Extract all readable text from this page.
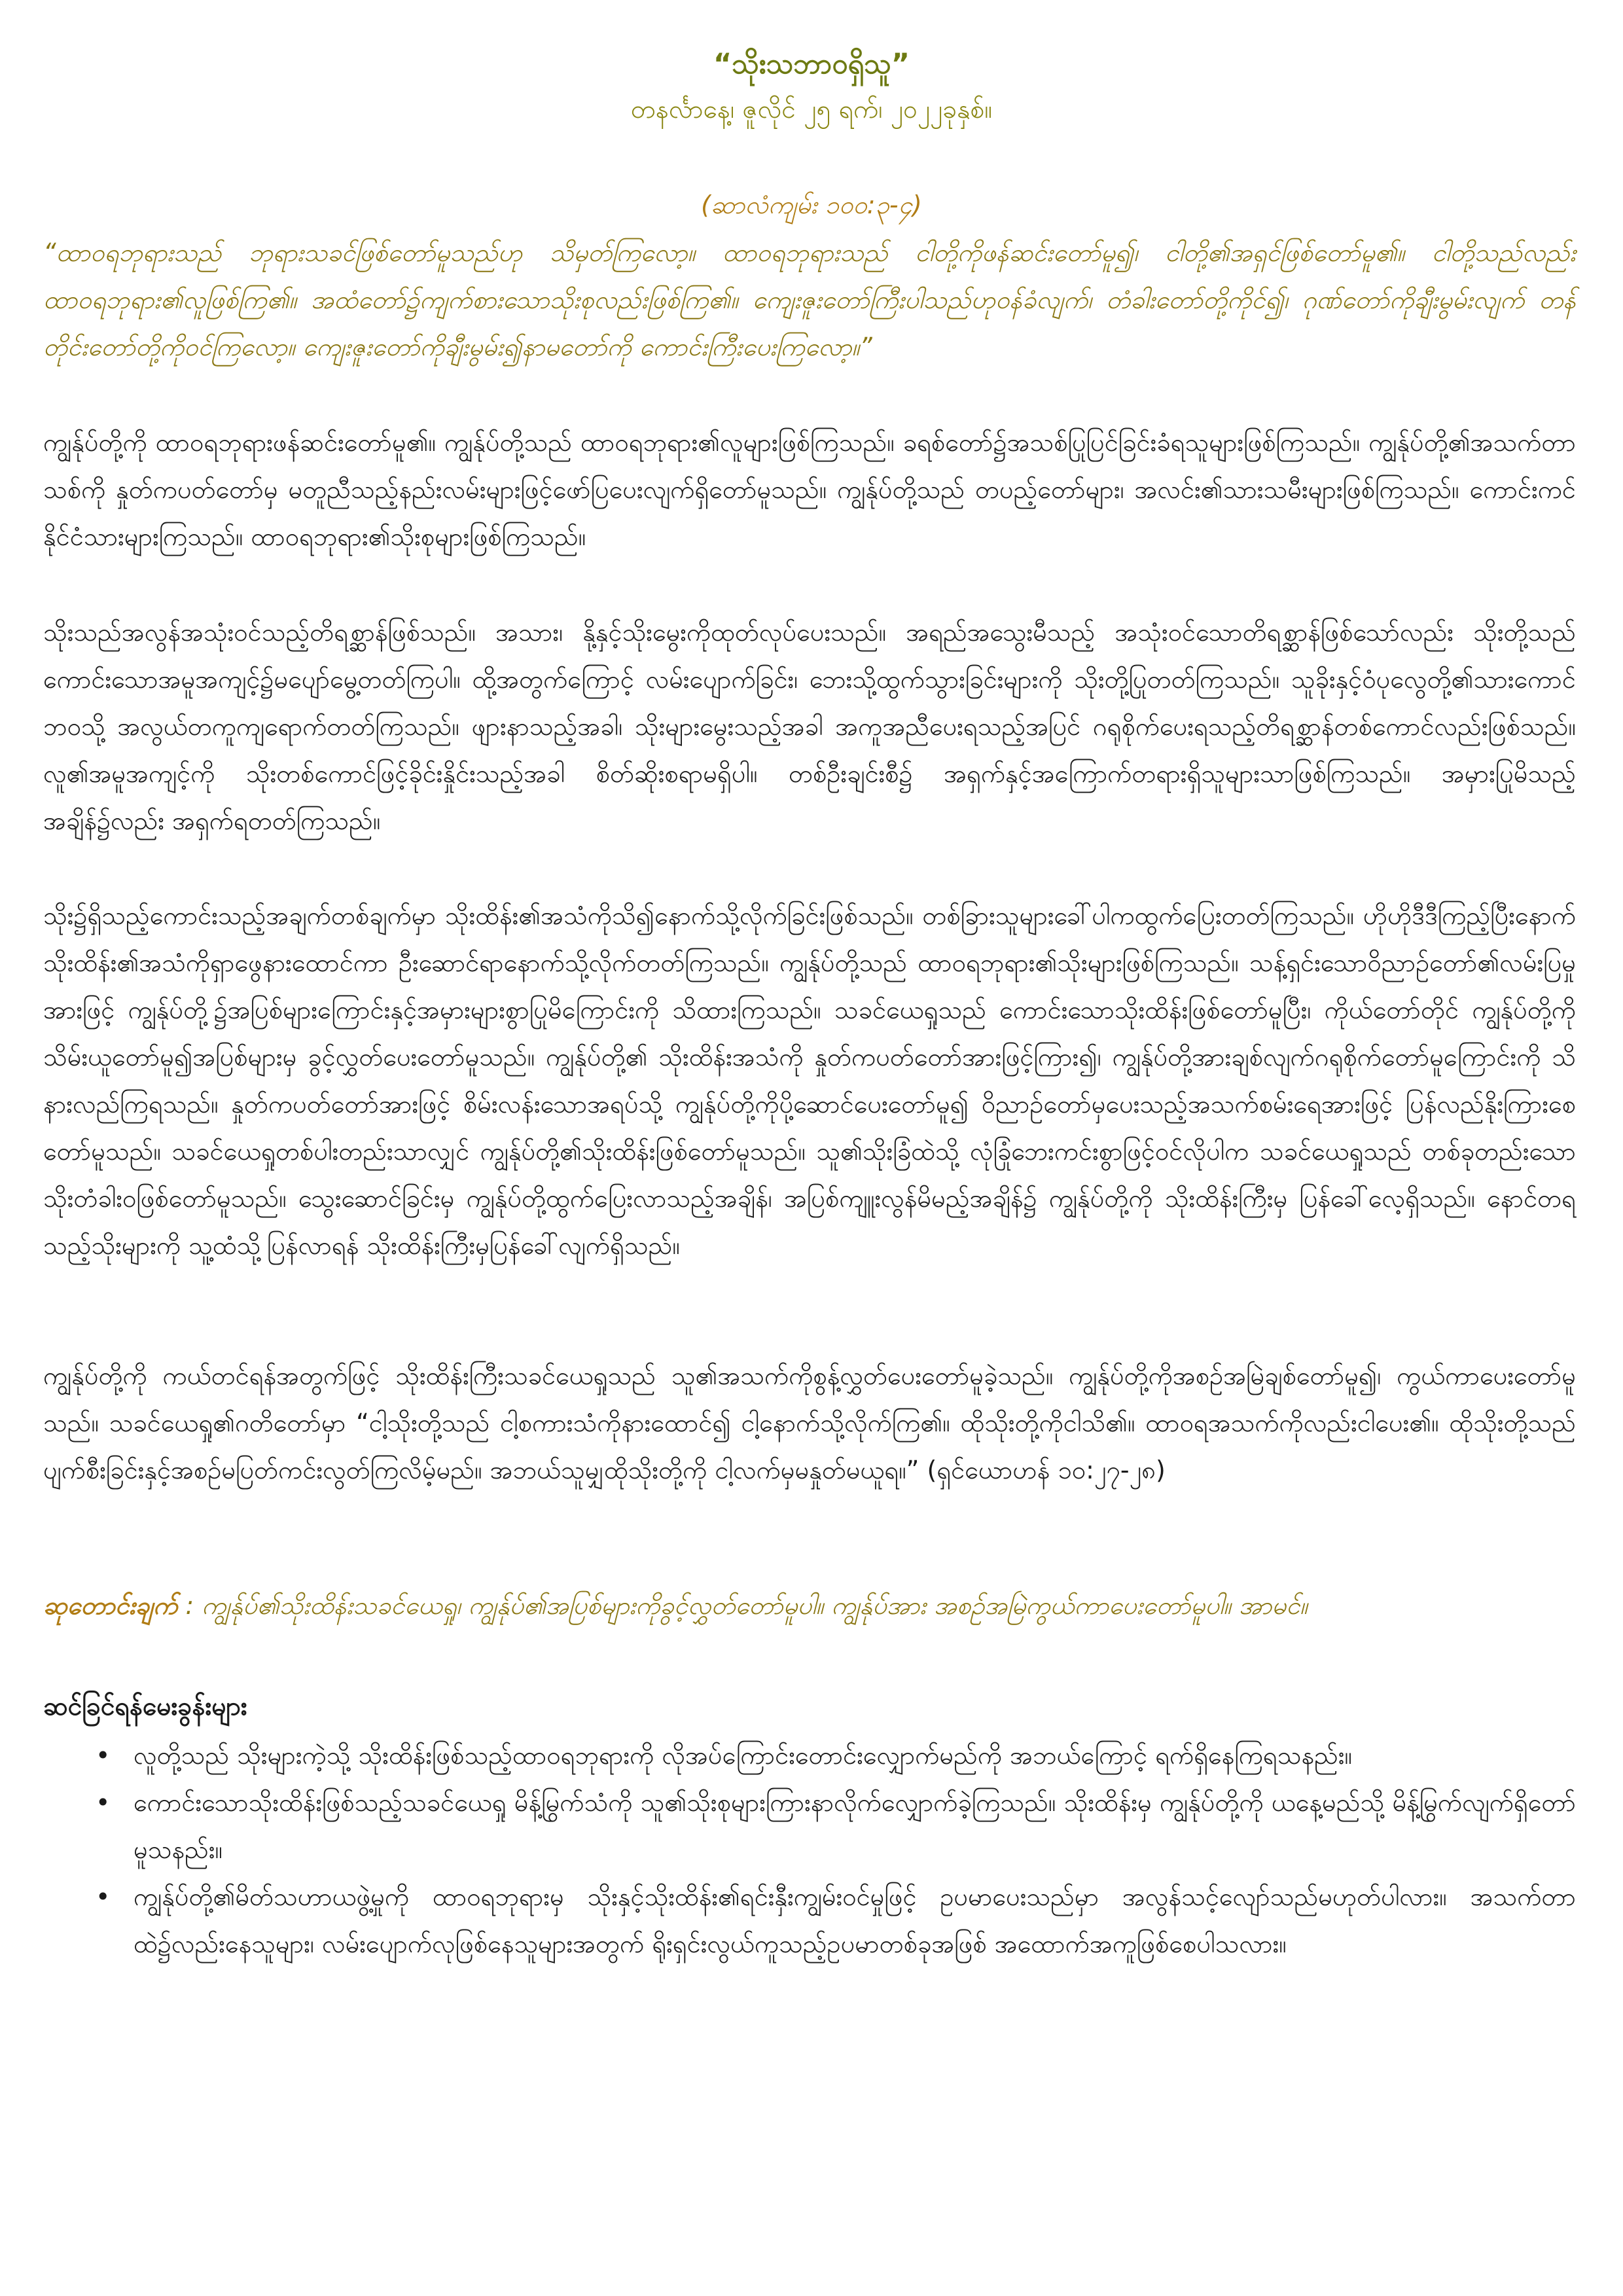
“သိုးသဘာဝရှိသူ”
တနင်္လာနေ့၊ ဇူလိုင် ၂၅ ရက်၊ ၂၀၂၂ခုနှစ်။
(ဆာလံကျမ်း ၁၀၀:၃-၄)

“ထာဝရဘုရားသည် ဘုရားသခင်ဖြစ်တော်မူသည်ဟု သိမှတ်ကြလော့။ ထာဝရဘုရားသည် ငါတို့ကိုဖန်ဆင်းတော်မူ၍၊ ငါတို့၏အရှင်ဖြစ်တော်မူ၏။ ငါတို့သည်လည်း ထာဝရဘုရား၏လူဖြစ်ကြ၏။ အထံတော်၌ကျက်စားသောသိုးစုလည်းဖြစ်ကြ၏။ ကျေးဇူးတော်ကြီးပါသည်ဟုဝန်ခံလျက်၊ တံခါးတော်တို့ကိုင်၍၊ ဂုဏ်တော်ကိုချီးမွမ်းလျက် တန်တိုင်းတော်တို့ကိုဝင်ကြလော့။ ကျေးဇူးတော်ကိုချီးမွမ်း၍နာမတော်ကို ကောင်းကြီးပေးကြလော့။”

ကျွန်ုပ်တို့ကို ထာဝရဘုရားဖန်ဆင်းတော်မူ၏။ ကျွန်ုပ်တို့သည် ထာဝရဘုရား၏လူများဖြစ်ကြသည်။ ခရစ်တော်၌အသစ်ပြုပြင်ခြင်းခံရသူများဖြစ်ကြသည်။ ကျွန်ုပ်တို့၏အသက်တာသစ်ကို နှုတ်ကပတ်တော်မှ မတူညီသည့်နည်းလမ်းများဖြင့်ဖော်ပြပေးလျက်ရှိတော်မူသည်။ ကျွန်ုပ်တို့သည် တပည့်တော်များ၊ အလင်း၏သားသမီးများဖြစ်ကြသည်။ ကောင်းကင်နိုင်ငံသားများကြသည်။ ထာဝရဘုရား၏သိုးစုများဖြစ်ကြသည်။

သိုးသည်အလွန်အသုံးဝင်သည့်တိရစ္ဆာန်ဖြစ်သည်။ အသား၊ နို့နှင့်သိုးမွေးကိုထုတ်လုပ်ပေးသည်။ အရည်အသွေးမီသည့် အသုံးဝင်သောတိရစ္ဆာန်ဖြစ်သော်လည်း သိုးတို့သည် ကောင်းသောအမူအကျင့်၌မပျော်မွေ့တတ်ကြပါ။ ထို့အတွက်ကြောင့် လမ်းပျောက်ခြင်း၊ ဘေးသို့ထွက်သွားခြင်းများကို သိုးတို့ပြုတတ်ကြသည်။ သူခိုးနှင့်ဝံပုလွေတို့၏သားကောင်ဘဝသို့ အလွယ်တကူကျရောက်တတ်ကြသည်။ ဖျားနာသည့်အခါ၊ သိုးများမွေးသည့်အခါ အကူအညီပေးရသည့်အပြင် ဂရုစိုက်ပေးရသည့်တိရစ္ဆာန်တစ်ကောင်လည်းဖြစ်သည်။ လူ၏အမူအကျင့်ကို သိုးတစ်ကောင်ဖြင့်ခိုင်းနှိုင်းသည့်အခါ စိတ်ဆိုးစရာမရှိပါ။ တစ်ဦးချင်းစီ၌ အရှက်နှင့်အကြောက်တရားရှိသူများသာဖြစ်ကြသည်။ အမှားပြုမိသည့်အချိန်၌လည်း အရှက်ရတတ်ကြသည်။

သိုး၌ရှိသည့်ကောင်းသည့်အချက်တစ်ချက်မှာ သိုးထိန်း၏အသံကိုသိ၍နောက်သို့လိုက်ခြင်းဖြစ်သည်။ တစ်ခြားသူများခေါ်ပါကထွက်ပြေးတတ်ကြသည်။ ဟိုဟိုဒီဒီကြည့်ပြီးနောက် သိုးထိန်း၏အသံကိုရှာဖွေနားထောင်ကာ ဦးဆောင်ရာနောက်သို့လိုက်တတ်ကြသည်။ ကျွန်ုပ်တို့သည် ထာဝရဘုရား၏သိုးများဖြစ်ကြသည်။ သန့်ရှင်းသောဝိညာဉ်တော်၏လမ်းပြမှုအားဖြင့် ကျွန်ုပ်တို့၌အပြစ်များကြောင်းနှင့်အမှားများစွာပြုမိကြောင်းကို သိထားကြသည်။ သခင်ယေရှုသည် ကောင်းသောသိုးထိန်းဖြစ်တော်မူပြီး၊ ကိုယ်တော်တိုင် ကျွန်ုပ်တို့ကို သိမ်းယူတော်မူ၍အပြစ်များမှ ခွင့်လွှတ်ပေးတော်မူသည်။ ကျွန်ုပ်တို့၏ သိုးထိန်းအသံကို နှုတ်ကပတ်တော်အားဖြင့်ကြား၍၊ ကျွန်ုပ်တို့အားချစ်လျက်ဂရုစိုက်တော်မူကြောင်းကို သိနားလည်ကြရသည်။ နှုတ်ကပတ်တော်အားဖြင့် စိမ်းလန်းသောအရပ်သို့ ကျွန်ုပ်တို့ကိုပို့ဆောင်ပေးတော်မူ၍ ဝိညာဉ်တော်မှပေးသည့်အသက်စမ်းရေအားဖြင့် ပြန်လည်နိုးကြားစေတော်မူသည်။ သခင်ယေရှုတစ်ပါးတည်းသာလျှင် ကျွန်ုပ်တို့၏သိုးထိန်းဖြစ်တော်မူသည်။ သူ၏သိုးခြံထဲသို့ လုံခြုံဘေးကင်းစွာဖြင့်ဝင်လိုပါက သခင်ယေရှုသည် တစ်ခုတည်းသောသိုးတံခါးဝဖြစ်တော်မူသည်။ သွေးဆောင်ခြင်းမှ ကျွန်ုပ်တို့ထွက်ပြေးလာသည့်အချိန်၊ အပြစ်ကျူးလွန်မိမည့်အချိန်၌ ကျွန်ုပ်တို့ကို သိုးထိန်းကြီးမှ ပြန်ခေါ်လေ့ရှိသည်။ နောင်တရသည့်သိုးများကို သူ့ထံသို့ပြန်လာရန် သိုးထိန်းကြီးမှပြန်ခေါ်လျက်ရှိသည်။

ကျွန်ုပ်တို့ကို ကယ်တင်ရန်အတွက်ဖြင့် သိုးထိန်းကြီးသခင်ယေရှုသည် သူ၏အသက်ကိုစွန့်လွှတ်ပေးတော်မူခဲ့သည်။ ကျွန်ုပ်တို့ကိုအစဉ်အမြဲချစ်တော်မူ၍၊ ကွယ်ကာပေးတော်မူသည်။ သခင်ယေရှု၏ဂတိတော်မှာ “ငါ့သိုးတို့သည် ငါ့စကားသံကိုနားထောင်၍ ငါ့နောက်သို့လိုက်ကြ၏။ ထိုသိုးတို့ကိုငါသိ၏။ ထာဝရအသက်ကိုလည်းငါပေး၏။ ထိုသိုးတို့သည် ပျက်စီးခြင်းနှင့်အစဉ်မပြတ်ကင်းလွတ်ကြလိမ့်မည်။ အဘယ်သူမျှထိုသိုးတို့ကို ငါ့လက်မှမနှုတ်မယူရ။” (ရှင်ယောဟန် ၁၀:၂၇-၂၈)

ဆုတောင်းချက် : ကျွန်ုပ်၏သိုးထိန်းသခင်ယေရှု၊ ကျွန်ုပ်၏အပြစ်များကိုခွင့်လွှတ်တော်မူပါ။ ကျွန်ုပ်အား အစဉ်အမြဲကွယ်ကာပေးတော်မူပါ။ အာမင်။

ဆင်ခြင်ရန်မေးခွန်းများ
• လူတို့သည် သိုးများကဲ့သို့ သိုးထိန်းဖြစ်သည့်ထာဝရဘုရားကို လိုအပ်ကြောင်းတောင်းလျှောက်မည်ကို အဘယ်ကြောင့် ရက်ရှိနေကြရသနည်း။
• ကောင်းသောသိုးထိန်းဖြစ်သည့်သခင်ယေရှု မိန့်မြွက်သံကို သူ၏သိုးစုများကြားနာလိုက်လျှောက်ခဲ့ကြသည်။ သိုးထိန်းမှ ကျွန်ုပ်တို့ကို ယနေ့မည်သို့ မိန့်မြွက်လျက်ရှိတော်မူသနည်း။
• ကျွန်ုပ်တို့၏မိတ်သဟာယဖွဲ့မှုကို ထာဝရဘုရားမှ သိုးနှင့်သိုးထိန်း၏ရင်းနှီးကျွမ်းဝင်မှုဖြင့် ဥပမာပေးသည်မှာ အလွန်သင့်လျော်သည်မဟုတ်ပါလား။ အသက်တာထဲ၌လည်းနေသူများ၊ လမ်းပျောက်လုဖြစ်နေသူများအတွက် ရိုးရှင်းလွယ်ကူသည့်ဥပမာတစ်ခုအဖြစ် အထောက်အကူဖြစ်စေပါသလား။
